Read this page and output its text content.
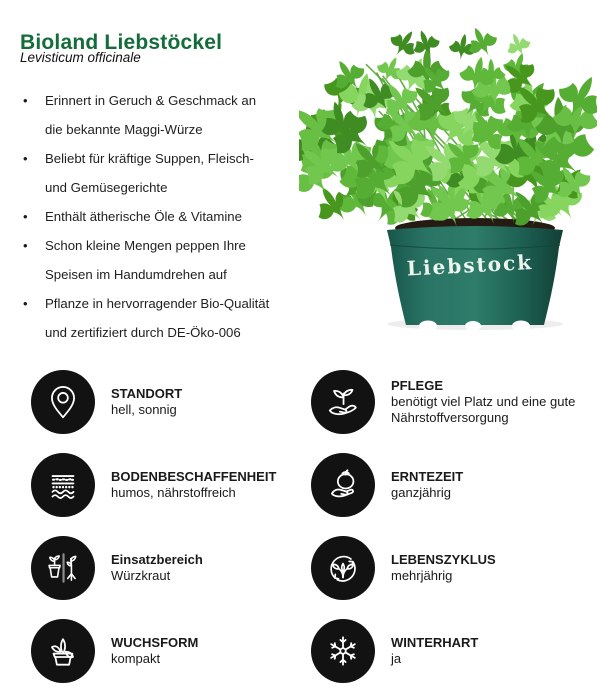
Bioland Liebstöckel
Levisticum officinale
• Erinnert in Geruch & Geschmack an
die bekannte Maggi-Würze
• Beliebt für kräftige Suppen, Fleisch-
und Gemüsegerichte
• Enthält ätherische Öle & Vitamine
• Schon kleine Mengen peppen Ihre
Speisen im Handumdrehen auf
• Pflanze in hervorragender Bio-Qualität
und zertifiziert durch DE-Öko-006
Liebstock
STANDORT
hell, sonnig
PFLEGE
benötigt viel Platz und eine gute Nährstoffversorgung
BODENBESCHAFFENHEIT
humos, nährstoffreich
ERNTEZEIT
ganzjährig
Einsatzbereich
Würzkraut
LEBENSZYKLUS
mehrjährig
WUCHSFORM
kompakt
WINTERHART
ja
